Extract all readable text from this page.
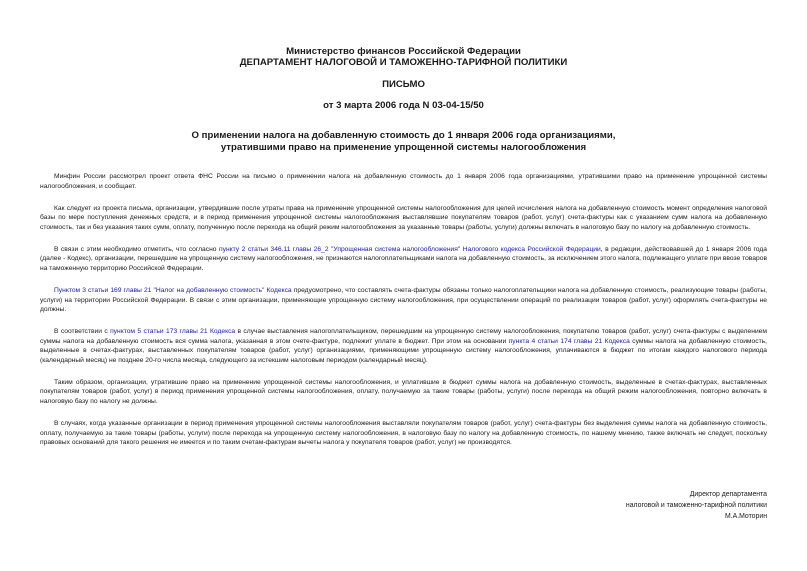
Министерство финансов Российской Федерации
ДЕПАРТАМЕНТ НАЛОГОВОЙ И ТАМОЖЕННО-ТАРИФНОЙ ПОЛИТИКИ
ПИСЬМО
от 3 марта 2006 года N 03-04-15/50
О применении налога на добавленную стоимость до 1 января 2006 года организациями,
утратившими право на применение упрощенной системы налогообложения

Минфин России рассмотрел проект ответа ФНС России на письмо о применении налога на добавленную стоимость до 1 января 2006 года организациями, утратившими право на применение упрощенной системы налогообложения, и сообщает.

Как следует из проекта письма, организации, утвердившие после утраты права на применение упрощенной системы налогообложения для целей исчисления налога на добавленную стоимость момент определения налоговой базы по мере поступления денежных средств, и в период применения упрощенной системы налогообложения выставлявшие покупателям товаров (работ, услуг) счета-фактуры как с указанием сумм налога на добавленную стоимость, так и без указания таких сумм, оплату, полученную после перехода на общий режим налогообложения за указанные товары (работы, услуги) должны включать в налоговую базу по налогу на добавленную стоимость.

В связи с этим необходимо отметить, что согласно пункту 2 статьи 346.11 главы 26_2 "Упрощенная система налогообложения" Налогового кодекса Российской Федерации, в редакции, действовавшей до 1 января 2006 года (далее - Кодекс), организации, перешедшие на упрощенную систему налогообложения, не признаются налогоплательщиками налога на добавленную стоимость, за исключением этого налога, подлежащего уплате при ввозе товаров на таможенную территорию Российской Федерации.

Пунктом 3 статьи 169 главы 21 "Налог на добавленную стоимость" Кодекса предусмотрено, что составлять счета-фактуры обязаны только налогоплательщики налога на добавленную стоимость, реализующие товары (работы, услуги) на территории Российской Федерации. В связи с этим организации, применяющие упрощенную систему налогообложения, при осуществлении операций по реализации товаров (работ, услуг) оформлять счета-фактуры не должны.

В соответствии с пунктом 5 статьи 173 главы 21 Кодекса в случае выставления налогоплательщиком, перешедшим на упрощенную систему налогообложения, покупателю товаров (работ, услуг) счета-фактуры с выделением суммы налога на добавленную стоимость вся сумма налога, указанная в этом счете-фактуре, подлежит уплате в бюджет. При этом на основании пункта 4 статьи 174 главы 21 Кодекса суммы налога на добавленную стоимость, выделенные в счетах-фактурах, выставленных покупателям товаров (работ, услуг) организациями, применяющими упрощенную систему налогообложения, уплачиваются в бюджет по итогам каждого налогового периода (календарный месяц) не позднее 20-го числа месяца, следующего за истекшим налоговым периодом (календарный месяц).

Таким образом, организации, утратившие право на применение упрощенной системы налогообложения, и уплатившие в бюджет суммы налога на добавленную стоимость, выделенные в счетах-фактурах, выставленных покупателям товаров (работ, услуг) в период применения упрощенной системы налогообложения, оплату, получаемую за такие товары (работы, услуги) после перехода на общий режим налогообложения, повторно включать в налоговую базу по налогу не должны.

В случаях, когда указанные организации в период применения упрощенной системы налогообложения выставляли покупателям товаров (работ, услуг) счета-фактуры без выделения суммы налога на добавленную стоимость, оплату, получаемую за такие товары (работы, услуги) после перехода на упрощенную систему налогообложения, в налоговую базу по налогу на добавленную стоимость, по нашему мнению, также включать не следует, поскольку правовых оснований для такого решения не имеется и по таким счетам-фактурам вычеты налога у покупателя товаров (работ, услуг) не производятся.

Директор департамента
налоговой и таможенно-тарифной политики
М.А.Моторин
